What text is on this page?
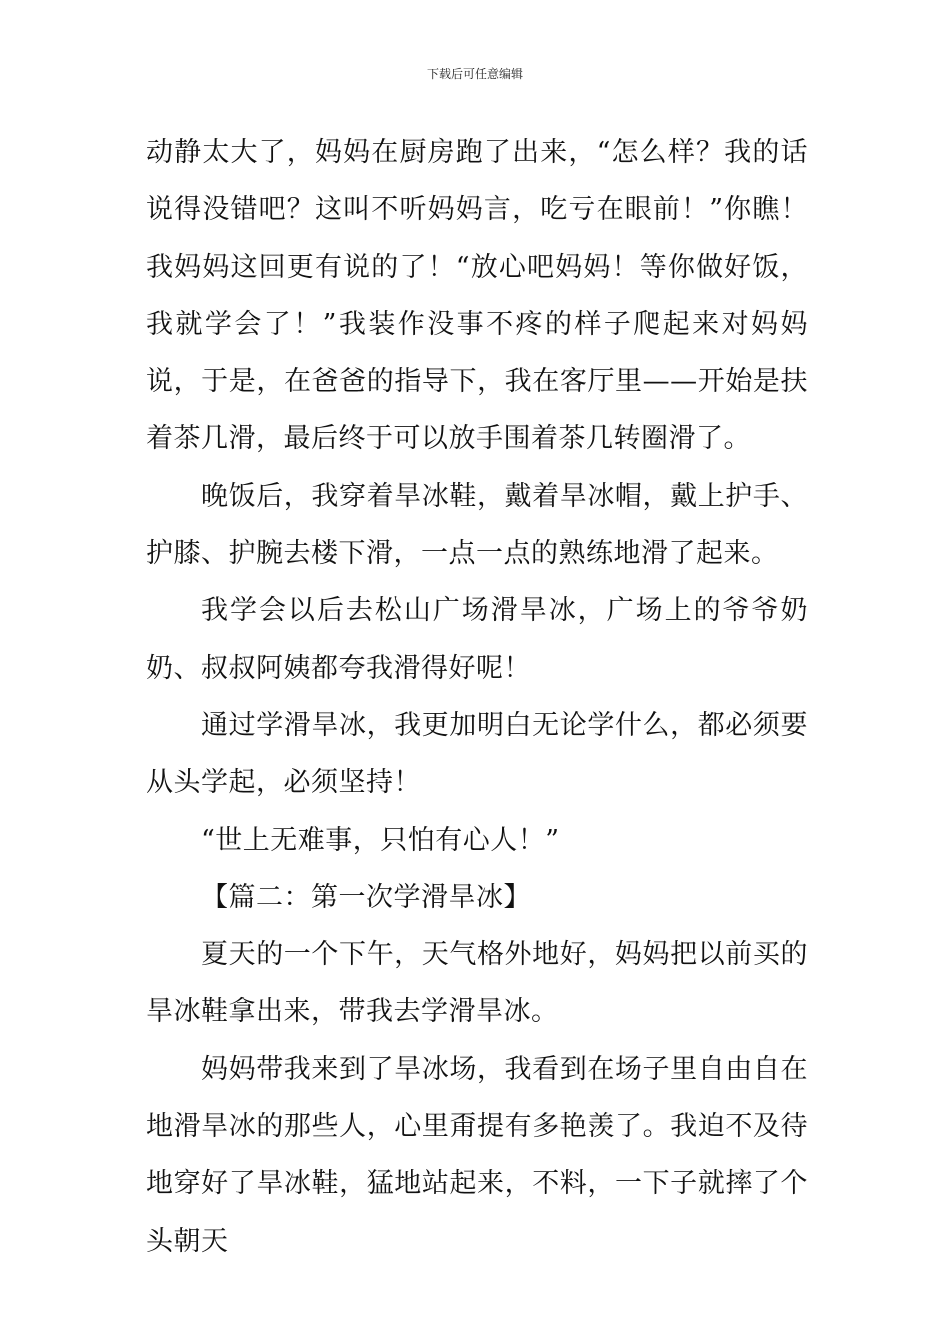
下载后可任意编辑

动静太大了，妈妈在厨房跑了出来，“怎么样？我的话说得没错吧？这叫不听妈妈言，吃亏在眼前！”你瞧！我妈妈这回更有说的了！“放心吧妈妈！等你做好饭，我就学会了！”我装作没事不疼的样子爬起来对妈妈说，于是，在爸爸的指导下，我在客厅里——开始是扶着茶几滑，最后终于可以放手围着茶几转圈滑了。

晚饭后，我穿着旱冰鞋，戴着旱冰帽，戴上护手、护膝、护腕去楼下滑，一点一点的熟练地滑了起来。

我学会以后去松山广场滑旱冰，广场上的爷爷奶奶、叔叔阿姨都夸我滑得好呢！

通过学滑旱冰，我更加明白无论学什么，都必须要从头学起，必须坚持！

“世上无难事，只怕有心人！”

【篇二：第一次学滑旱冰】

夏天的一个下午，天气格外地好，妈妈把以前买的旱冰鞋拿出来，带我去学滑旱冰。

妈妈带我来到了旱冰场，我看到在场子里自由自在地滑旱冰的那些人，心里甭提有多艳羡了。我迫不及待地穿好了旱冰鞋，猛地站起来，不料，一下子就摔了个头朝天
